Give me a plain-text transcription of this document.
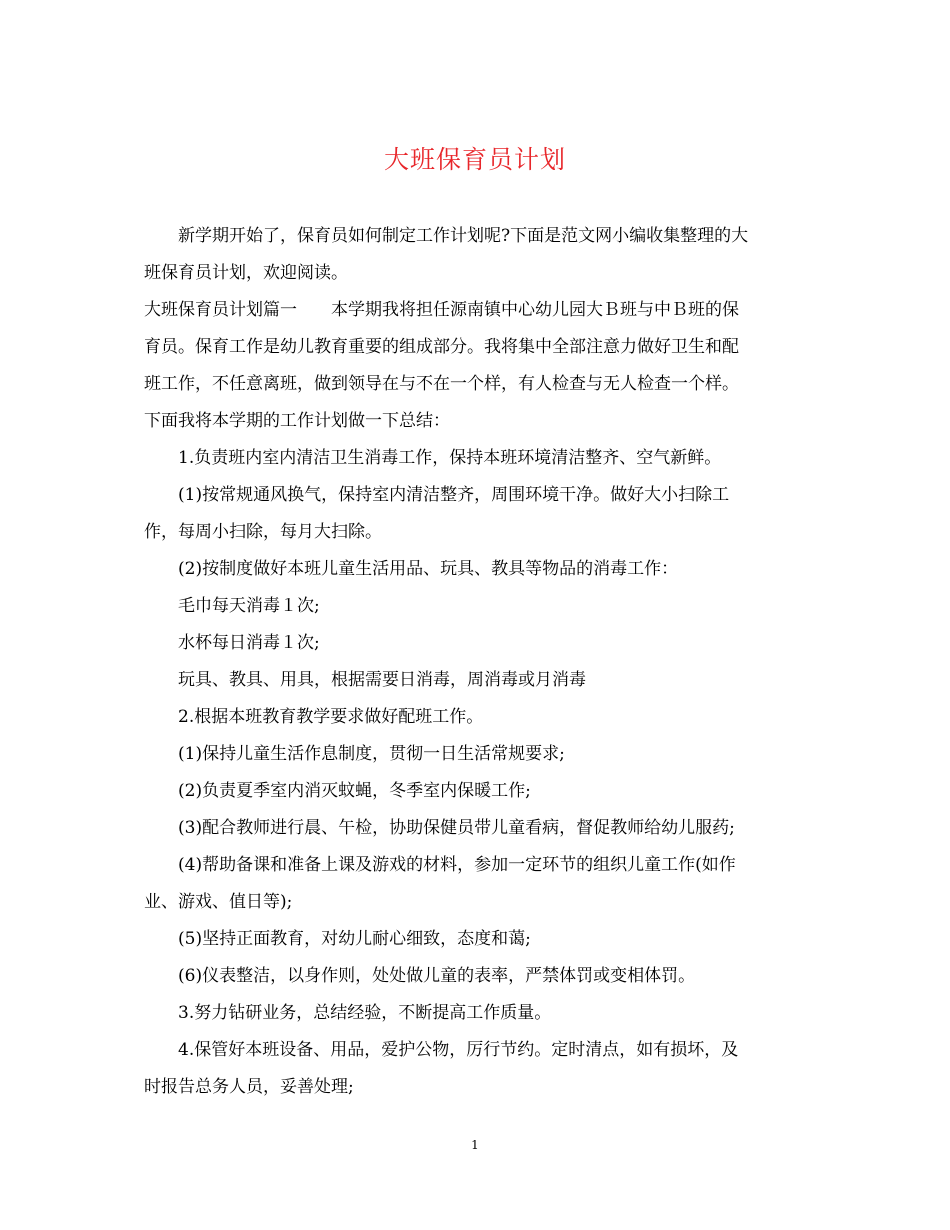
大班保育员计划
新学期开始了，保育员如何制定工作计划呢?下面是范文网小编收集整理的大
班保育员计划，欢迎阅读。
大班保育员计划篇一　　本学期我将担任源南镇中心幼儿园大Ｂ班与中Ｂ班的保
育员。保育工作是幼儿教育重要的组成部分。我将集中全部注意力做好卫生和配
班工作，不任意离班，做到领导在与不在一个样，有人检查与无人检查一个样。
下面我将本学期的工作计划做一下总结：
1.负责班内室内清洁卫生消毒工作，保持本班环境清洁整齐、空气新鲜。
(1)按常规通风换气，保持室内清洁整齐，周围环境干净。做好大小扫除工
作，每周小扫除，每月大扫除。
(2)按制度做好本班儿童生活用品、玩具、教具等物品的消毒工作：
毛巾每天消毒１次;
水杯每日消毒１次;
玩具、教具、用具，根据需要日消毒，周消毒或月消毒
2.根据本班教育教学要求做好配班工作。
(1)保持儿童生活作息制度，贯彻一日生活常规要求;
(2)负责夏季室内消灭蚊蝇，冬季室内保暖工作;
(3)配合教师进行晨、午检，协助保健员带儿童看病，督促教师给幼儿服药;
(4)帮助备课和准备上课及游戏的材料，参加一定环节的组织儿童工作(如作
业、游戏、值日等);
(5)坚持正面教育，对幼儿耐心细致，态度和蔼;
(6)仪表整洁，以身作则，处处做儿童的表率，严禁体罚或变相体罚。
3.努力钻研业务，总结经验，不断提高工作质量。
4.保管好本班设备、用品，爱护公物，厉行节约。定时清点，如有损坏，及
时报告总务人员，妥善处理;
1
